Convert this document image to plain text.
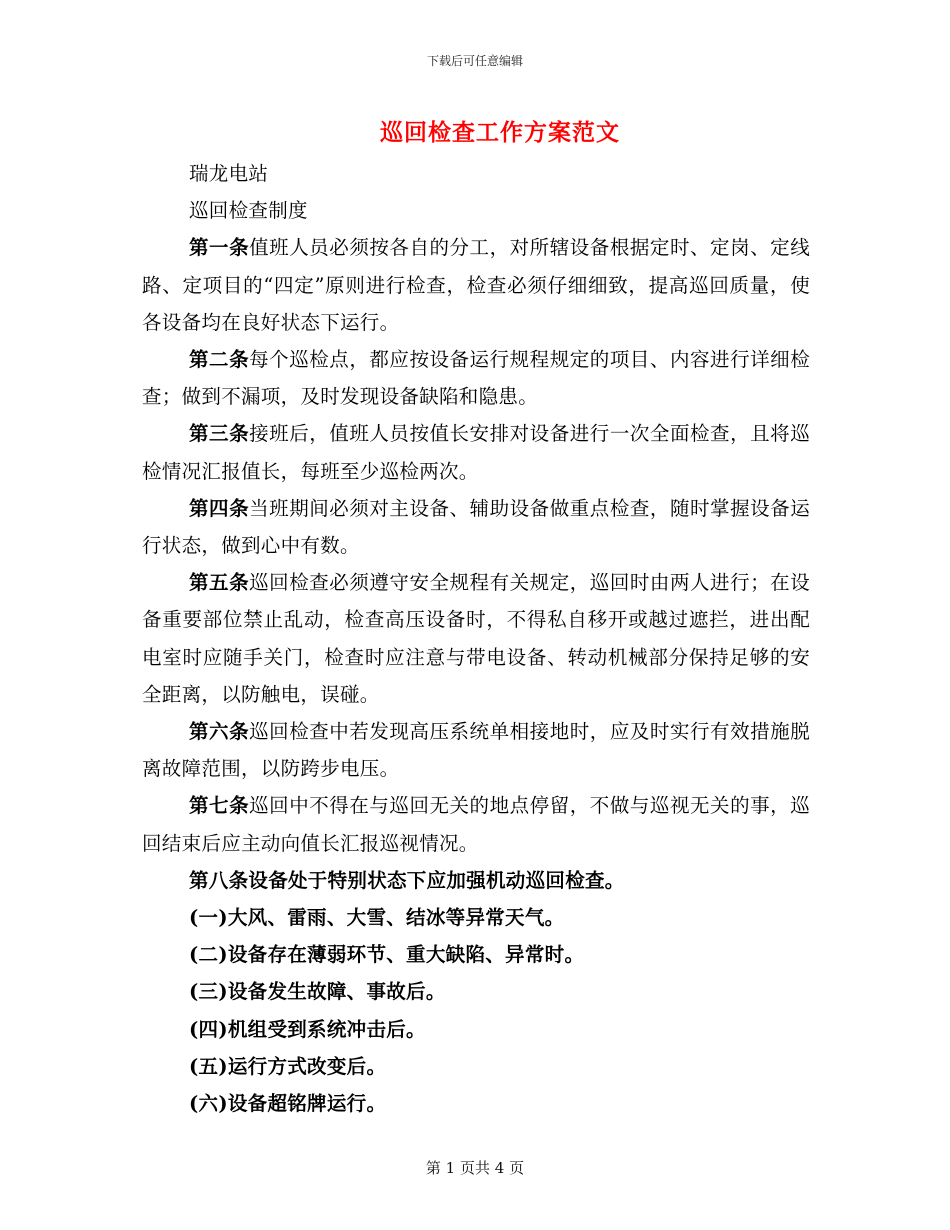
下载后可任意编辑
巡回检查工作方案范文

瑞龙电站

巡回检查制度

第一条值班人员必须按各自的分工，对所辖设备根据定时、定岗、定线路、定项目的“四定”原则进行检查，检查必须仔细细致，提高巡回质量，使各设备均在良好状态下运行。

第二条每个巡检点，都应按设备运行规程规定的项目、内容进行详细检查；做到不漏项，及时发现设备缺陷和隐患。

第三条接班后，值班人员按值长安排对设备进行一次全面检查，且将巡检情况汇报值长，每班至少巡检两次。

第四条当班期间必须对主设备、辅助设备做重点检查，随时掌握设备运行状态，做到心中有数。

第五条巡回检查必须遵守安全规程有关规定，巡回时由两人进行；在设备重要部位禁止乱动，检查高压设备时，不得私自移开或越过遮拦，进出配电室时应随手关门，检查时应注意与带电设备、转动机械部分保持足够的安全距离，以防触电，误碰。

第六条巡回检查中若发现高压系统单相接地时，应及时实行有效措施脱离故障范围，以防跨步电压。

第七条巡回中不得在与巡回无关的地点停留，不做与巡视无关的事，巡回结束后应主动向值长汇报巡视情况。

第八条设备处于特别状态下应加强机动巡回检查。

(一)大风、雷雨、大雪、结冰等异常天气。

(二)设备存在薄弱环节、重大缺陷、异常时。

(三)设备发生故障、事故后。

(四)机组受到系统冲击后。

(五)运行方式改变后。

(六)设备超铭牌运行。

第 1 页共 4 页
